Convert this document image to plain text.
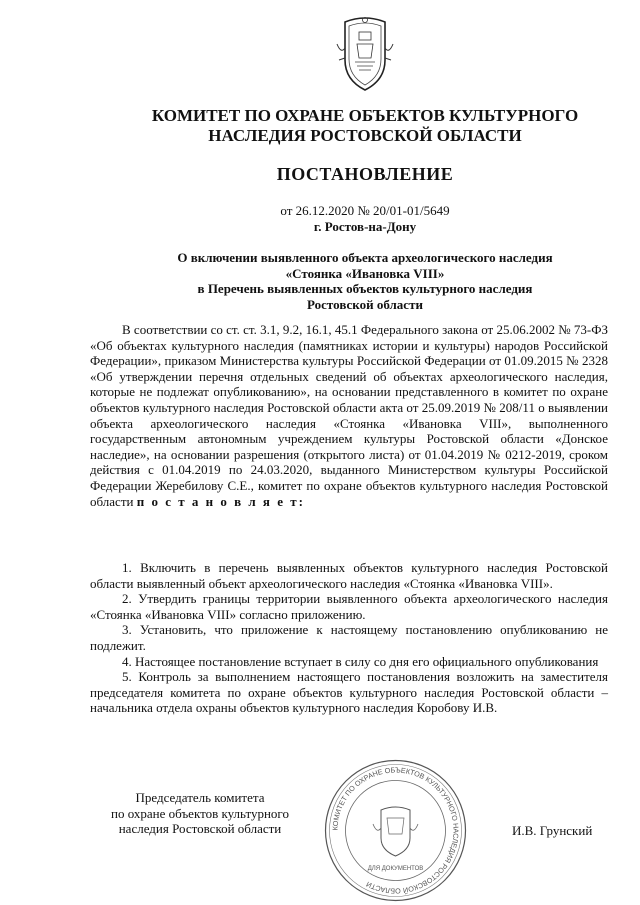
КОМИТЕТ ПО ОХРАНЕ ОБЪЕКТОВ КУЛЬТУРНОГО
НАСЛЕДИЯ РОСТОВСКОЙ ОБЛАСТИ
ПОСТАНОВЛЕНИЕ
от 26.12.2020 № 20/01-01/5649
г. Ростов-на-Дону
О включении выявленного объекта археологического наследия
«Стоянка «Ивановка VIII»
в Перечень выявленных объектов культурного наследия
Ростовской области

В соответствии со ст. ст. 3.1, 9.2, 16.1, 45.1 Федерального закона от 25.06.2002 № 73-ФЗ «Об объектах культурного наследия (памятниках истории и культуры) народов Российской Федерации», приказом Министерства культуры Российской Федерации от 01.09.2015 № 2328 «Об утверждении перечня отдельных сведений об объектах археологического наследия, которые не подлежат опубликованию», на основании представленного в комитет по охране объектов культурного наследия Ростовской области акта от 25.09.2019 № 208/11 о выявлении объекта археологического наследия «Стоянка «Ивановка VIII», выполненного государственным автономным учреждением культуры Ростовской области «Донское наследие», на основании разрешения (открытого листа) от 01.04.2019 № 0212-2019, сроком действия с 01.04.2019 по 24.03.2020, выданного Министерством культуры Российской Федерации Жеребилову С.Е., комитет по охране объектов культурного наследия Ростовской области п о с т а н о в л я е т:

1. Включить в перечень выявленных объектов культурного наследия Ростовской области выявленный объект археологического наследия «Стоянка «Ивановка VIII».

2. Утвердить границы территории выявленного объекта археологического наследия «Стоянка «Ивановка VIII» согласно приложению.

3. Установить, что приложение к настоящему постановлению опубликованию не подлежит.

4. Настоящее постановление вступает в силу со дня его официального опубликования

5. Контроль за выполнением настоящего постановления возложить на заместителя председателя комитета по охране объектов культурного наследия Ростовской области – начальника отдела охраны объектов культурного наследия Коробову И.В.

Председатель комитета
по охране объектов культурного
наследия Ростовской области	КОМИТЕТ ПО ОХРАНЕ ОБЪЕКТОВ КУЛЬТУРНОГО НАСЛЕДИЯ РОСТОВСКОЙ ОБЛАСТИ
ДЛЯ ДОКУМЕНТОВ
И.В. Грунский
